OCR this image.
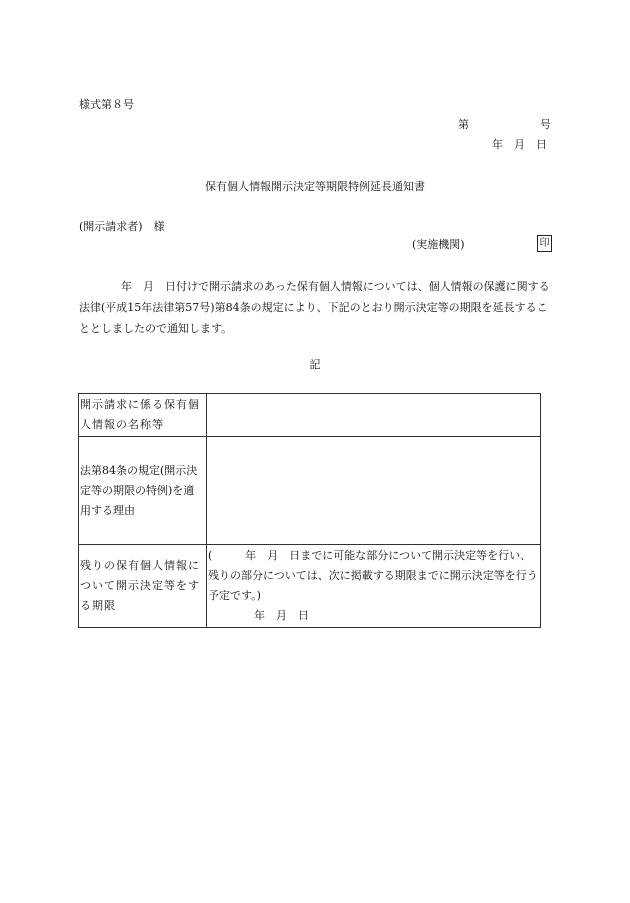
様式第８号
第	号
年　月　日
保有個人情報開示決定等期限特例延長通知書
(開示請求者)　様
(実施機関)	印
年　月　日付けで開示請求のあった保有個人情報については、個人情報の保護に関する法律(平成15年法律第57号)第84条の規定により、下記のとおり開示決定等の期限を延長することとしましたので通知します。
記
開示請求に係る保有個人情報の名称等	
法第84条の規定(開示決定等の期限の特例)を適用する理由	
残りの保有個人情報について開示決定等をする期限	(　　　年　月　日までに可能な部分について開示決定等を行い、残りの部分については、次に掲載する期限までに開示決定等を行う予定です。)
年　月　日
